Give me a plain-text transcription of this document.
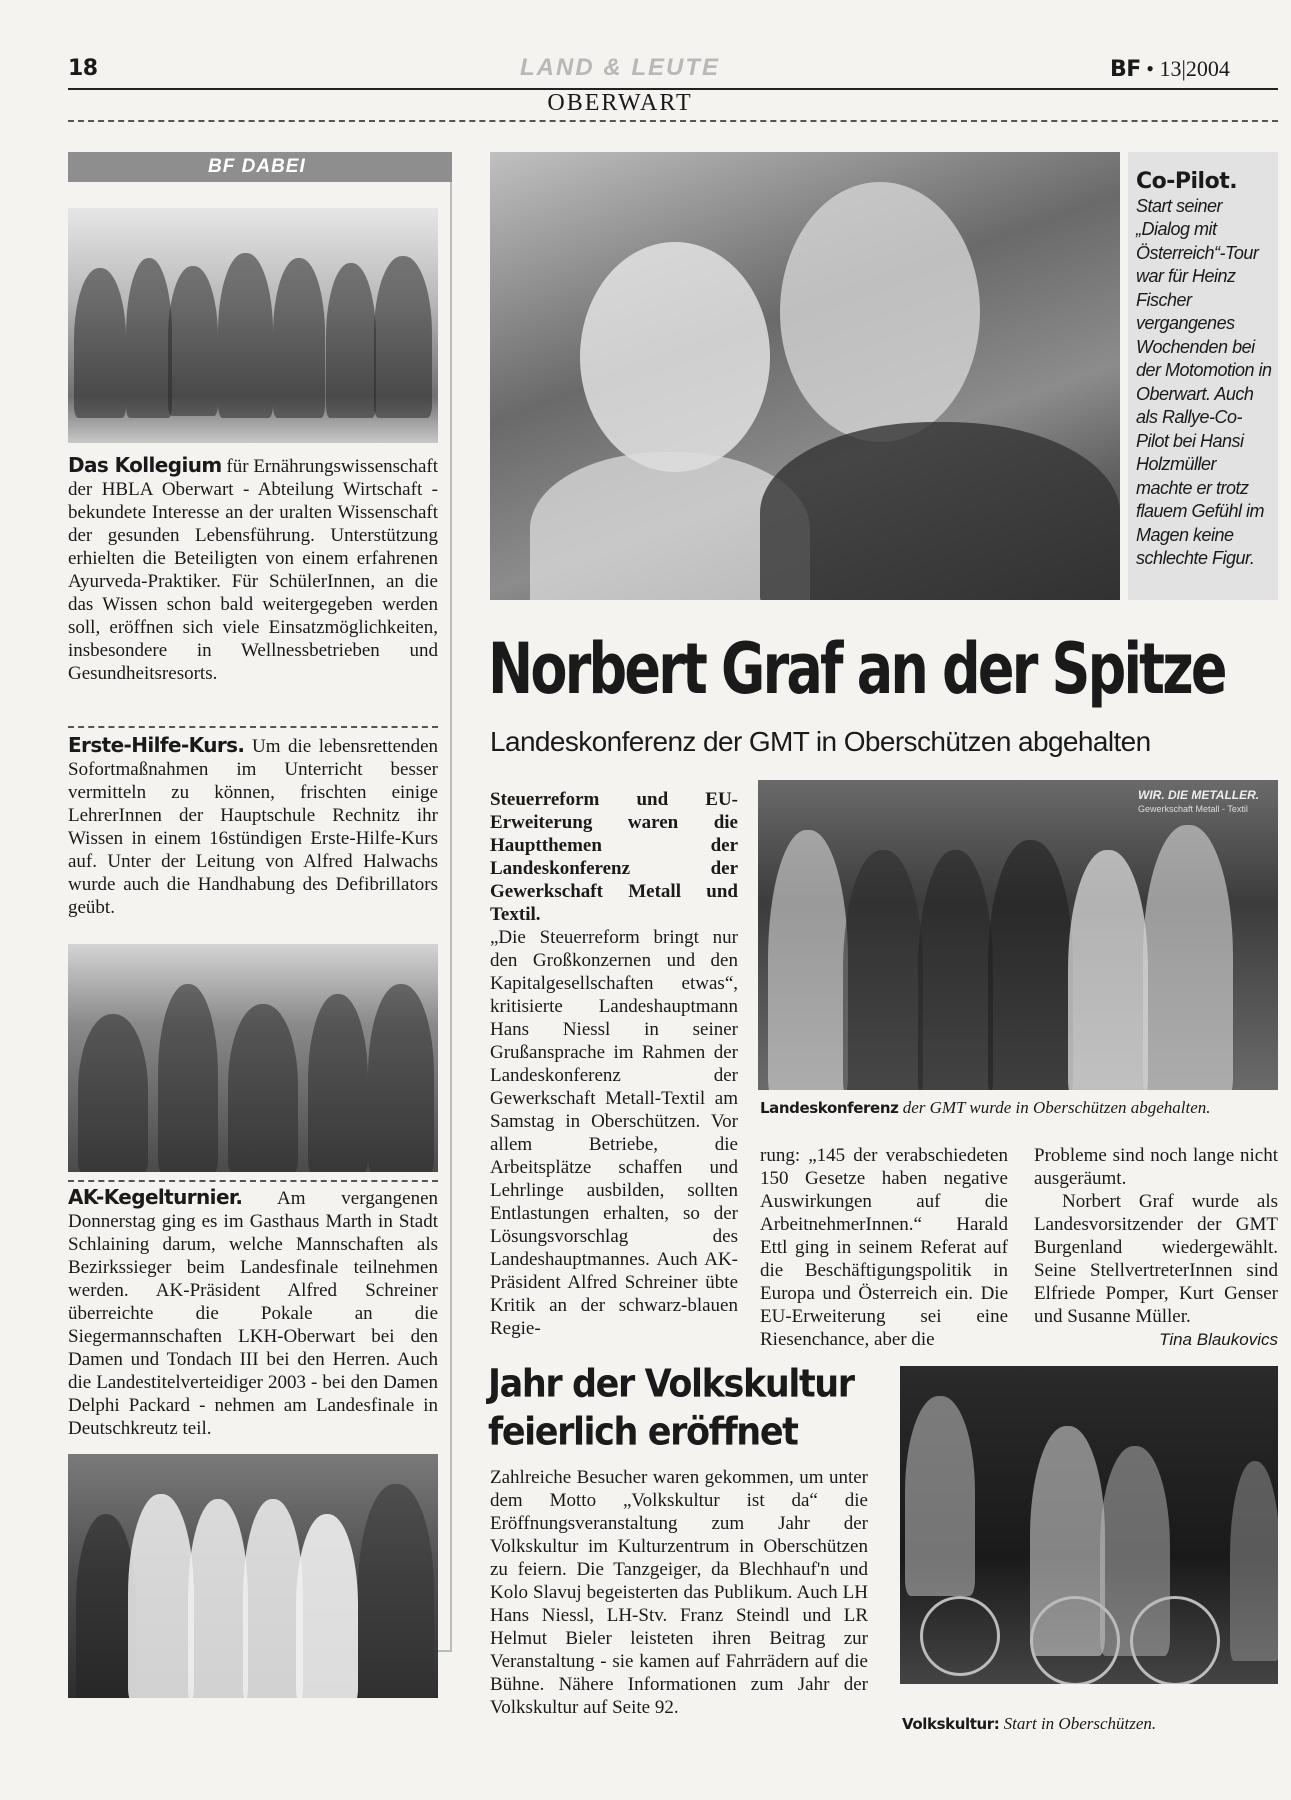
18	LAND & LEUTE
OBERWART
BF • 13|2004
BF DABEI
Das Kollegium für Ernährungswissenschaft der HBLA Oberwart - Abteilung Wirtschaft - bekundete Interesse an der uralten Wissenschaft der gesunden Lebensführung. Unterstützung erhielten die Beteiligten von einem erfahrenen Ayurveda-Praktiker. Für SchülerInnen, an die das Wissen schon bald weitergegeben werden soll, eröffnen sich viele Einsatzmöglichkeiten, insbesondere in Wellnessbetrieben und Gesundheitsresorts.
Erste-Hilfe-Kurs. Um die lebensrettenden Sofortmaßnahmen im Unterricht besser vermitteln zu können, frischten einige LehrerInnen der Hauptschule Rechnitz ihr Wissen in einem 16stündigen Erste-Hilfe-Kurs auf. Unter der Leitung von Alfred Halwachs wurde auch die Handhabung des Defibrillators geübt.
AK-Kegelturnier. Am vergangenen Donnerstag ging es im Gasthaus Marth in Stadt Schlaining darum, welche Mannschaften als Bezirkssieger beim Landesfinale teilnehmen werden. AK-Präsident Alfred Schreiner überreichte die Pokale an die Siegermannschaften LKH-Oberwart bei den Damen und Tondach III bei den Herren. Auch die Landestitelverteidiger 2003 - bei den Damen Delphi Packard - nehmen am Landesfinale in Deutschkreutz teil.
Co-Pilot. Start seiner „Dialog mit Österreich“-Tour war für Heinz Fischer vergangenes Wochenden bei der Motomotion in Oberwart. Auch als Rallye-Co-Pilot bei Hansi Holzmüller machte er trotz flauem Gefühl im Magen keine schlechte Figur.
Norbert Graf an der Spitze
Landeskonferenz der GMT in Oberschützen abgehalten
Steuerreform und EU-Erweiterung waren die Hauptthemen der Landeskonferenz der Gewerkschaft Metall und Textil.
„Die Steuerreform bringt nur den Großkonzernen und den Kapitalgesellschaften etwas“, kritisierte Landeshauptmann Hans Niessl in seiner Grußansprache im Rahmen der Landeskonferenz der Gewerkschaft Metall-Textil am Samstag in Oberschützen. Vor allem Betriebe, die Arbeitsplätze schaffen und Lehrlinge ausbilden, sollten Entlastungen erhalten, so der Lösungsvorschlag des Landeshauptmannes. Auch AK-Präsident Alfred Schreiner übte Kritik an der schwarz-blauen Regie-
WIR. DIE METALLER.
Gewerkschaft Metall - Textil
Landeskonferenz der GMT wurde in Oberschützen abgehalten.
rung: „145 der verabschiedeten 150 Gesetze haben negative Auswirkungen auf die ArbeitnehmerInnen.“ Harald Ettl ging in seinem Referat auf die Beschäftigungspolitik in Europa und Österreich ein. Die EU-Erweiterung sei eine Riesenchance, aber die
Probleme sind noch lange nicht ausgeräumt.
Norbert Graf wurde als Landesvorsitzender der GMT Burgenland wiedergewählt. Seine StellvertreterInnen sind Elfriede Pomper, Kurt Genser und Susanne Müller.
Tina Blaukovics
Jahr der Volkskultur
feierlich eröffnet
Zahlreiche Besucher waren gekommen, um unter dem Motto „Volkskultur ist da“ die Eröffnungsveranstaltung zum Jahr der Volkskultur im Kulturzentrum in Oberschützen zu feiern. Die Tanzgeiger, da Blechhauf'n und Kolo Slavuj begeisterten das Publikum. Auch LH Hans Niessl, LH-Stv. Franz Steindl und LR Helmut Bieler leisteten ihren Beitrag zur Veranstaltung - sie kamen auf Fahrrädern auf die Bühne. Nähere Informationen zum Jahr der Volkskultur auf Seite 92.
Volkskultur: Start in Oberschützen.
